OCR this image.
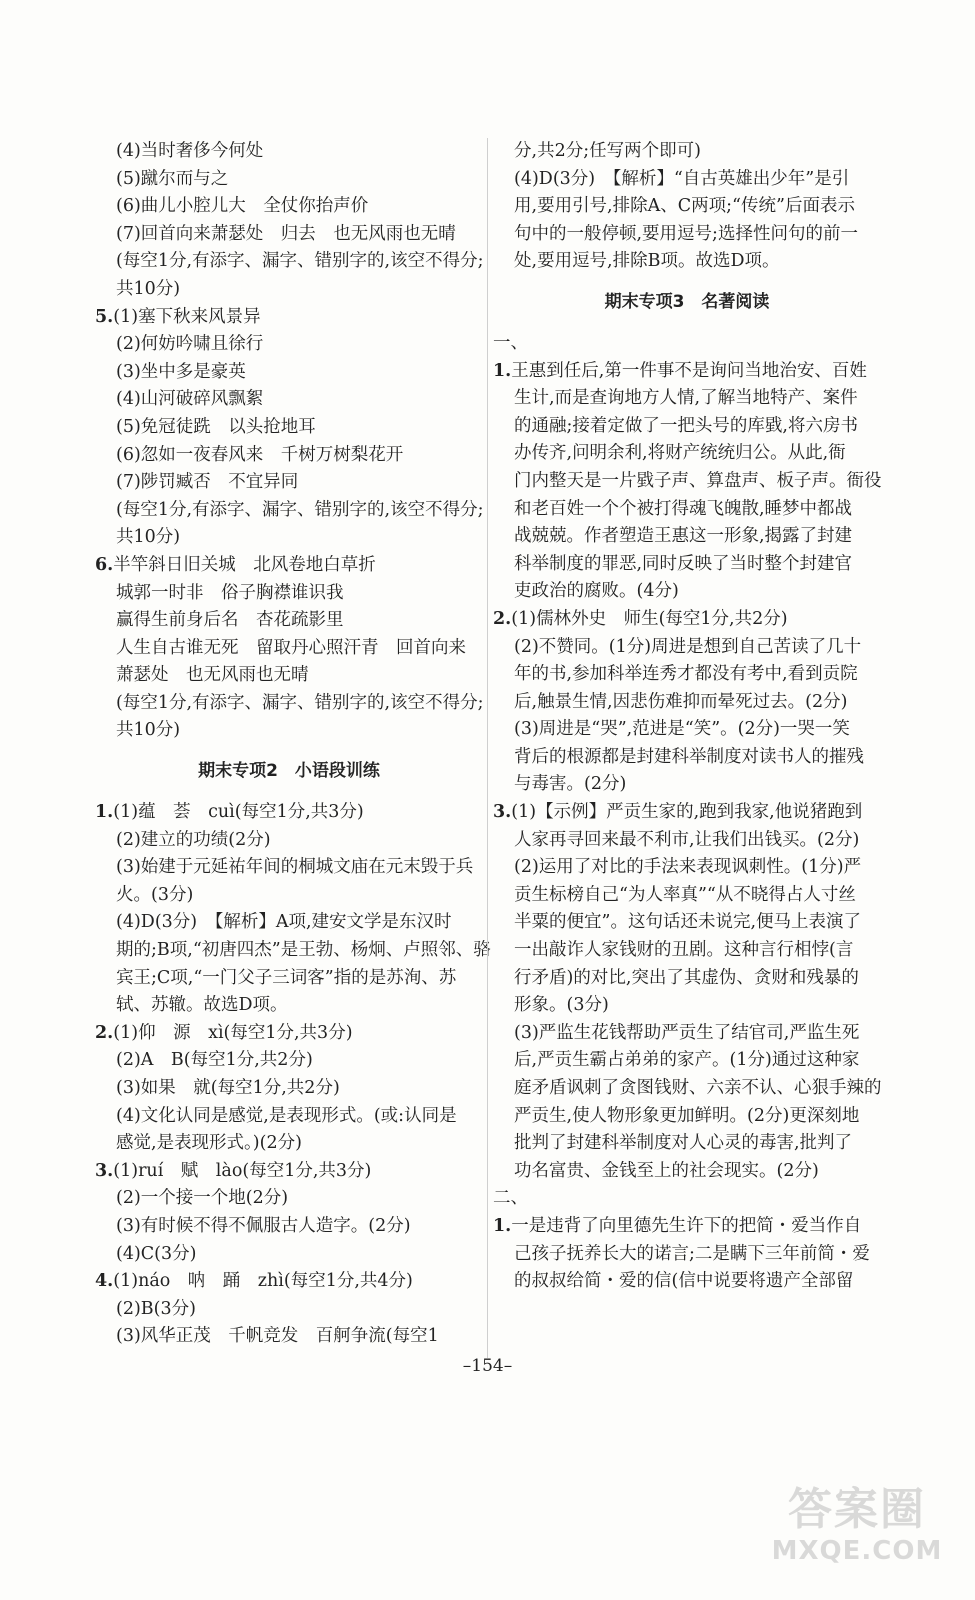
(4)当时奢侈今何处
(5)蹴尔而与之
(6)曲儿小腔儿大　全仗你抬声价
(7)回首向来萧瑟处　归去　也无风雨也无晴
(每空1分,有添字、漏字、错别字的,该空不得分;
共10分)
5.(1)塞下秋来风景异
(2)何妨吟啸且徐行
(3)坐中多是豪英
(4)山河破碎风飘絮
(5)免冠徒跣　以头抢地耳
(6)忽如一夜春风来　千树万树梨花开
(7)陟罚臧否　不宜异同
(每空1分,有添字、漏字、错别字的,该空不得分;
共10分)
6.半竿斜日旧关城　北风卷地白草折
城郭一时非　俗子胸襟谁识我
赢得生前身后名　杏花疏影里
人生自古谁无死　留取丹心照汗青　回首向来
萧瑟处　也无风雨也无晴
(每空1分,有添字、漏字、错别字的,该空不得分;
共10分)
期末专项2　小语段训练
1.(1)蕴　荟　cuì(每空1分,共3分)
(2)建立的功绩(2分)
(3)始建于元延祐年间的桐城文庙在元末毁于兵
火。(3分)
(4)D(3分)　【解析】A项,建安文学是东汉时
期的;B项,“初唐四杰”是王勃、杨炯、卢照邻、骆
宾王;C项,“一门父子三词客”指的是苏洵、苏
轼、苏辙。故选D项。
2.(1)仰　源　xì(每空1分,共3分)
(2)A　B(每空1分,共2分)
(3)如果　就(每空1分,共2分)
(4)文化认同是感觉,是表现形式。(或:认同是
感觉,是表现形式。)(2分)
3.(1)ruí　赋　lào(每空1分,共3分)
(2)一个接一个地(2分)
(3)有时候不得不佩服古人造字。(2分)
(4)C(3分)
4.(1)náo　呐　踊　zhì(每空1分,共4分)
(2)B(3分)
(3)风华正茂　千帆竞发　百舸争流(每空1
分,共2分;任写两个即可)
(4)D(3分)　【解析】“自古英雄出少年”是引
用,要用引号,排除A、C两项;“传统”后面表示
句中的一般停顿,要用逗号;选择性问句的前一
处,要用逗号,排除B项。故选D项。
期末专项3　名著阅读
一、
1.王惠到任后,第一件事不是询问当地治安、百姓
生计,而是查询地方人情,了解当地特产、案件
的通融;接着定做了一把头号的库戥,将六房书
办传齐,问明余利,将财产统统归公。从此,衙
门内整天是一片戥子声、算盘声、板子声。衙役
和老百姓一个个被打得魂飞魄散,睡梦中都战
战兢兢。作者塑造王惠这一形象,揭露了封建
科举制度的罪恶,同时反映了当时整个封建官
吏政治的腐败。(4分)
2.(1)儒林外史　师生(每空1分,共2分)
(2)不赞同。(1分)周进是想到自己苦读了几十
年的书,参加科举连秀才都没有考中,看到贡院
后,触景生情,因悲伤难抑而晕死过去。(2分)
(3)周进是“哭”,范进是“笑”。(2分)一哭一笑
背后的根源都是封建科举制度对读书人的摧残
与毒害。(2分)
3.(1)【示例】严贡生家的,跑到我家,他说猪跑到
人家再寻回来最不利市,让我们出钱买。(2分)
(2)运用了对比的手法来表现讽刺性。(1分)严
贡生标榜自己“为人率真”“从不晓得占人寸丝
半粟的便宜”。这句话还未说完,便马上表演了
一出敲诈人家钱财的丑剧。这种言行相悖(言
行矛盾)的对比,突出了其虚伪、贪财和残暴的
形象。(3分)
(3)严监生花钱帮助严贡生了结官司,严监生死
后,严贡生霸占弟弟的家产。(1分)通过这种家
庭矛盾讽刺了贪图钱财、六亲不认、心狠手辣的
严贡生,使人物形象更加鲜明。(2分)更深刻地
批判了封建科举制度对人心灵的毒害,批判了
功名富贵、金钱至上的社会现实。(2分)
二、
1.一是违背了向里德先生许下的把简・爱当作自
己孩子抚养长大的诺言;二是瞒下三年前简・爱
的叔叔给简・爱的信(信中说要将遗产全部留
–154–
答案圈
MXQE.COM
